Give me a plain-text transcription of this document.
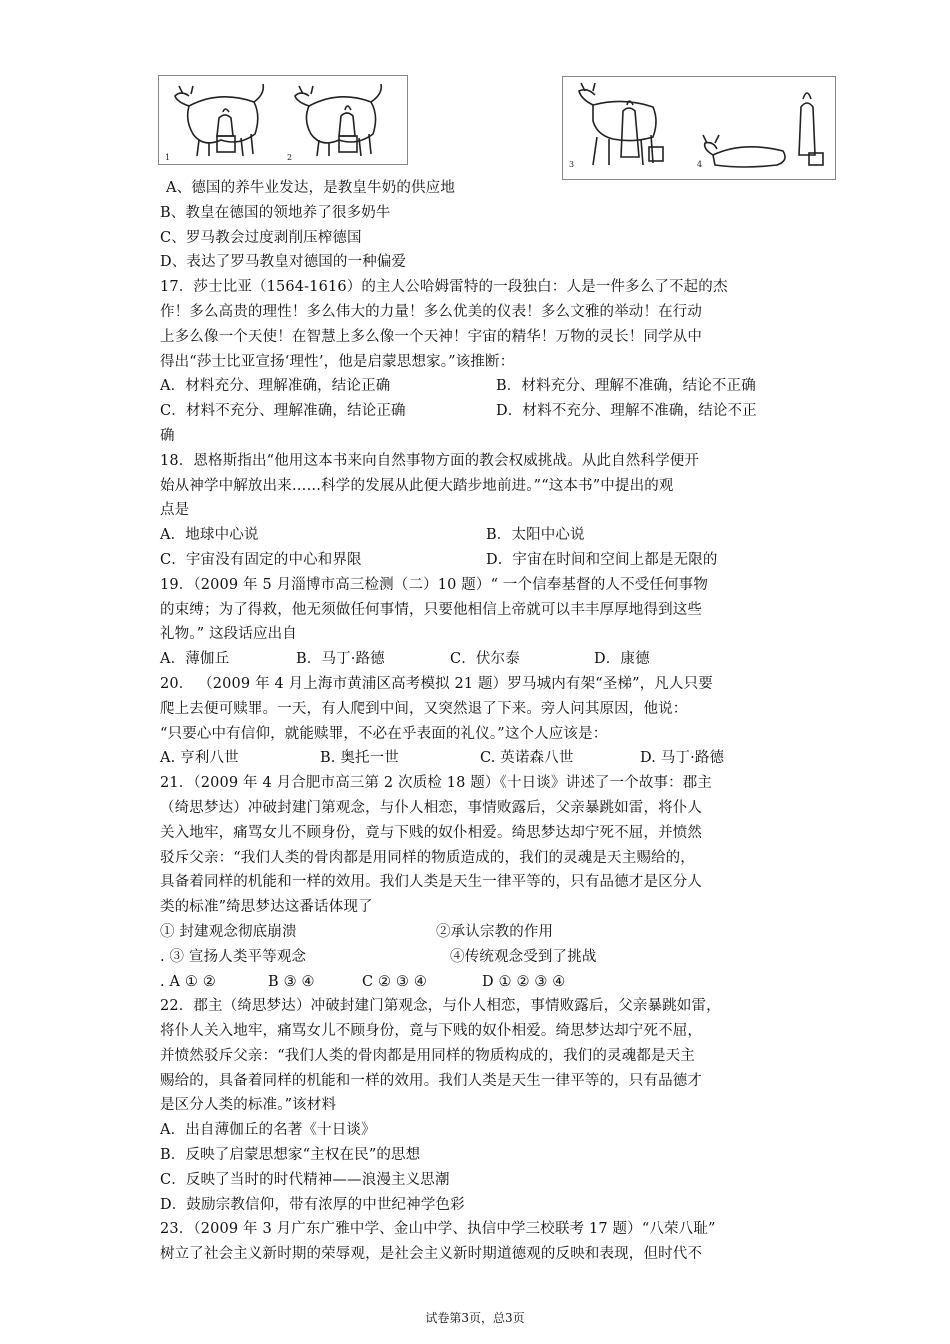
1	2
3	4
A、德国的养牛业发达，是教皇牛奶的供应地
B、教皇在德国的领地养了很多奶牛
C、罗马教会过度剥削压榨德国
D、表达了罗马教皇对德国的一种偏爱
17．莎士比亚（1564-1616）的主人公哈姆雷特的一段独白：人是一件多么了不起的杰
作！多么高贵的理性！多么伟大的力量！多么优美的仪表！多么文雅的举动！在行动
上多么像一个天使！在智慧上多么像一个天神！宇宙的精华！万物的灵长！同学从中
得出“莎士比亚宣扬‘理性’，他是启蒙思想家。”该推断：
A．材料充分、理解准确，结论正确	B．材料充分、理解不准确，结论不正确
C．材料不充分、理解准确，结论正确	D．材料不充分、理解不准确，结论不正
确
18．恩格斯指出“他用这本书来向自然事物方面的教会权威挑战。从此自然科学便开
始从神学中解放出来……科学的发展从此便大踏步地前进。”“这本书”中提出的观
点是
A．地球中心说	B．太阳中心说
C．宇宙没有固定的中心和界限	D．宇宙在时间和空间上都是无限的
19．（2009 年 5 月淄博市高三检测（二）10 题）“ 一个信奉基督的人不受任何事物
的束缚；为了得救，他无须做任何事情，只要他相信上帝就可以丰丰厚厚地得到这些
礼物。” 这段话应出自
A．薄伽丘	B．马丁·路德	C．伏尔泰	D．康德
20． （2009 年 4 月上海市黄浦区高考模拟 21 题）罗马城内有架“圣梯”，凡人只要
爬上去便可赎罪。一天，有人爬到中间，又突然退了下来。旁人问其原因，他说：
“只要心中有信仰，就能赎罪，不必在乎表面的礼仪。”这个人应该是：
A. 亨利八世	B. 奥托一世	C. 英诺森八世	D. 马丁·路德
21．（2009 年 4 月合肥市高三第 2 次质检 18 题）《十日谈》讲述了一个故事：郡主
（绮思梦达）冲破封建门第观念，与仆人相恋，事情败露后，父亲暴跳如雷，将仆人
关入地牢，痛骂女儿不顾身份，竟与下贱的奴仆相爱。绮思梦达却宁死不屈，并愤然
驳斥父亲：“我们人类的骨肉都是用同样的物质造成的，我们的灵魂是天主赐给的，
具备着同样的机能和一样的效用。我们人类是天生一律平等的，只有品德才是区分人
类的标准”绮思梦达这番话体现了
① 封建观念彻底崩溃	②承认宗教的作用
. ③ 宣扬人类平等观念	④传统观念受到了挑战
. A ① ②	B ③ ④	C ② ③ ④	D ① ② ③ ④
22．郡主（绮思梦达）冲破封建门第观念，与仆人相恋，事情败露后，父亲暴跳如雷，
将仆人关入地牢，痛骂女儿不顾身份，竟与下贱的奴仆相爱。绮思梦达却宁死不屈，
并愤然驳斥父亲：“我们人类的骨肉都是用同样的物质构成的，我们的灵魂都是天主
赐给的，具备着同样的机能和一样的效用。我们人类是天生一律平等的，只有品德才
是区分人类的标准。”该材料
A．出自薄伽丘的名著《十日谈》
B．反映了启蒙思想家“主权在民”的思想
C．反映了当时的时代精神——浪漫主义思潮
D．鼓励宗教信仰，带有浓厚的中世纪神学色彩
23．（2009 年 3 月广东广雅中学、金山中学、执信中学三校联考 17 题）“八荣八耻”
树立了社会主义新时期的荣辱观，是社会主义新时期道德观的反映和表现，但时代不
试卷第3页，总3页
